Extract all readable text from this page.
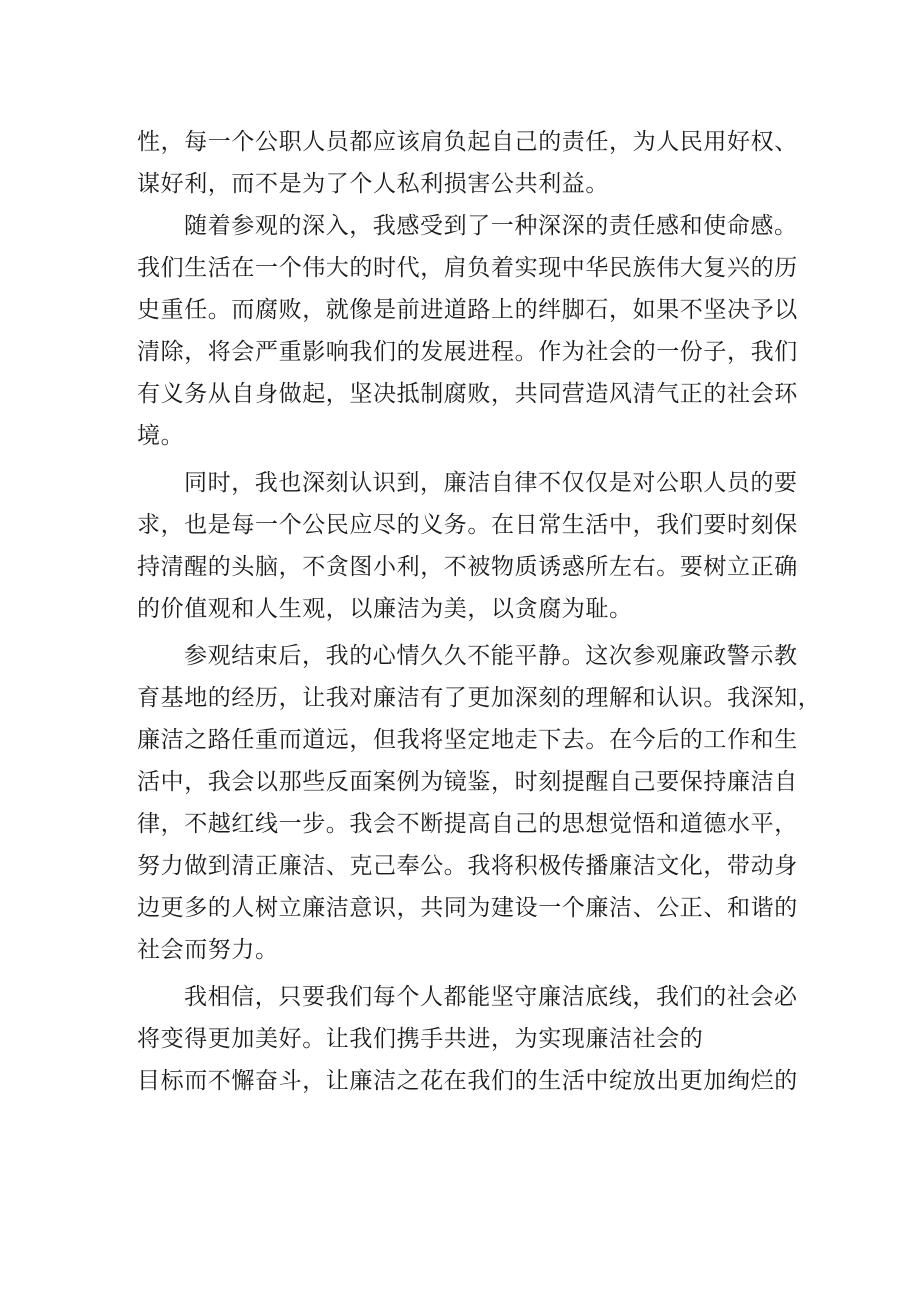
性，每一个公职人员都应该肩负起自己的责任，为人民用好权、
谋好利，而不是为了个人私利损害公共利益。
随着参观的深入，我感受到了一种深深的责任感和使命感。
我们生活在一个伟大的时代，肩负着实现中华民族伟大复兴的历
史重任。而腐败，就像是前进道路上的绊脚石，如果不坚决予以
清除，将会严重影响我们的发展进程。作为社会的一份子，我们
有义务从自身做起，坚决抵制腐败，共同营造风清气正的社会环
境。
同时，我也深刻认识到，廉洁自律不仅仅是对公职人员的要
求，也是每一个公民应尽的义务。在日常生活中，我们要时刻保
持清醒的头脑，不贪图小利，不被物质诱惑所左右。要树立正确
的价值观和人生观，以廉洁为美，以贪腐为耻。
参观结束后，我的心情久久不能平静。这次参观廉政警示教
育基地的经历，让我对廉洁有了更加深刻的理解和认识。我深知，
廉洁之路任重而道远，但我将坚定地走下去。在今后的工作和生
活中，我会以那些反面案例为镜鉴，时刻提醒自己要保持廉洁自
律，不越红线一步。我会不断提高自己的思想觉悟和道德水平，
努力做到清正廉洁、克己奉公。我将积极传播廉洁文化，带动身
边更多的人树立廉洁意识，共同为建设一个廉洁、公正、和谐的
社会而努力。
我相信，只要我们每个人都能坚守廉洁底线，我们的社会必
将变得更加美好。让我们携手共进，为实现廉洁社会的
目标而不懈奋斗，让廉洁之花在我们的生活中绽放出更加绚烂的
